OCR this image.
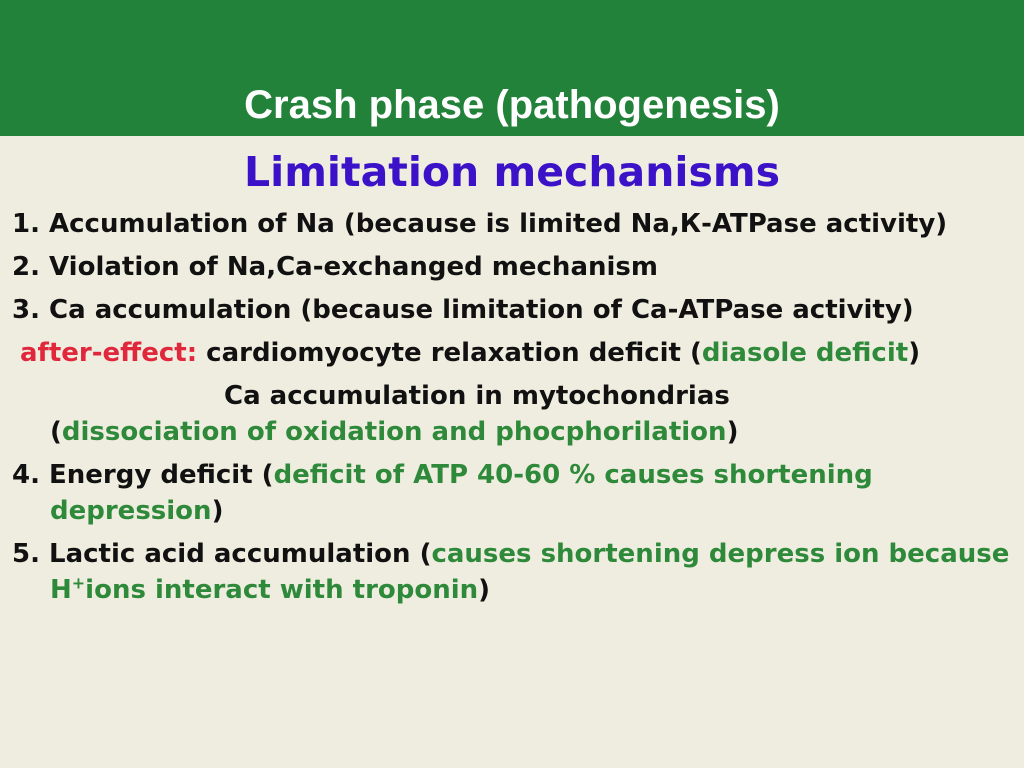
Crash phase (pathogenesis)
Limitation mechanisms
1. Accumulation of Na (because is limited Na,К-ATPase activity)
2. Violation of Na,Ca-exchanged mechanism
3. Ca accumulation (because limitation of Ca-ATPase activity)
after-effect: cardiomyocyte relaxation deficit (diasole deficit)
Ca accumulation in mytochondrias
(dissociation of oxidation and phocphorilation)
4. Energy deficit (deficit of ATP 40-60 % causes shortening depression)
5. Lactic acid accumulation (causes shortening depress ion because H+ions interact with troponin)
